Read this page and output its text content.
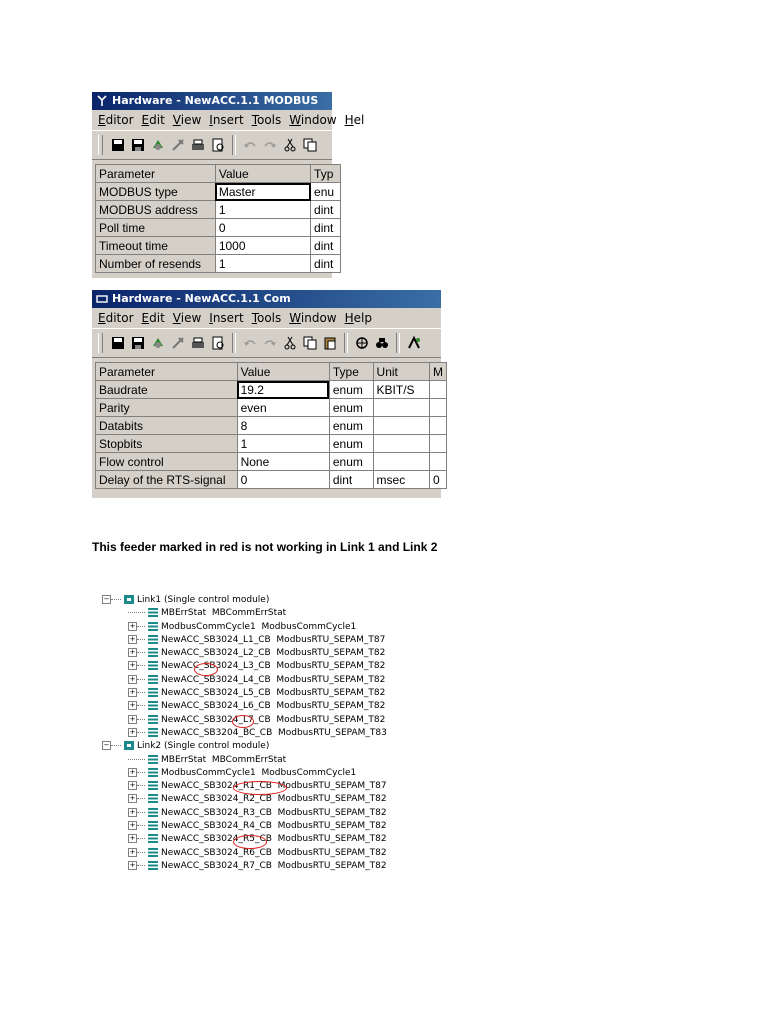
Hardware - NewACC.1.1 MODBUS
Editor Edit View Insert Tools Window Hel
Parameter	Value	Typ
MODBUS type	Master	enu
MODBUS address	1	dint
Poll time	0	dint
Timeout time	1000	dint
Number of resends	1	dint
Hardware - NewACC.1.1 Com
Editor Edit View Insert Tools Window Help
Parameter	Value	Type	Unit	M
Baudrate	19.2	enum	KBIT/S	
Parity	even	enum		
Databits	8	enum		
Stopbits	1	enum		
Flow control	None	enum		
Delay of the RTS-signal	0	dint	msec	0
This feeder marked in red is not working in Link 1 and Link 2
−	Link1 (Single control module)
MBErrStat MBCommErrStat
+	ModbusCommCycle1 ModbusCommCycle1
+	NewACC_SB3024_L1_CB ModbusRTU_SEPAM_T87
+	NewACC_SB3024_L2_CB ModbusRTU_SEPAM_T82
+	NewACC_SB3024_L3_CB ModbusRTU_SEPAM_T82
+	NewACC_SB3024_L4_CB ModbusRTU_SEPAM_T82
+	NewACC_SB3024_L5_CB ModbusRTU_SEPAM_T82
+	NewACC_SB3024_L6_CB ModbusRTU_SEPAM_T82
+	NewACC_SB3024_L7_CB ModbusRTU_SEPAM_T82
+	NewACC_SB3204_BC_CB ModbusRTU_SEPAM_T83
−	Link2 (Single control module)
MBErrStat MBCommErrStat
+	ModbusCommCycle1 ModbusCommCycle1
+	NewACC_SB3024_R1_CB ModbusRTU_SEPAM_T87
+	NewACC_SB3024_R2_CB ModbusRTU_SEPAM_T82
+	NewACC_SB3024_R3_CB ModbusRTU_SEPAM_T82
+	NewACC_SB3024_R4_CB ModbusRTU_SEPAM_T82
+	NewACC_SB3024_R5_CB ModbusRTU_SEPAM_T82
+	NewACC_SB3024_R6_CB ModbusRTU_SEPAM_T82
+	NewACC_SB3024_R7_CB ModbusRTU_SEPAM_T82
